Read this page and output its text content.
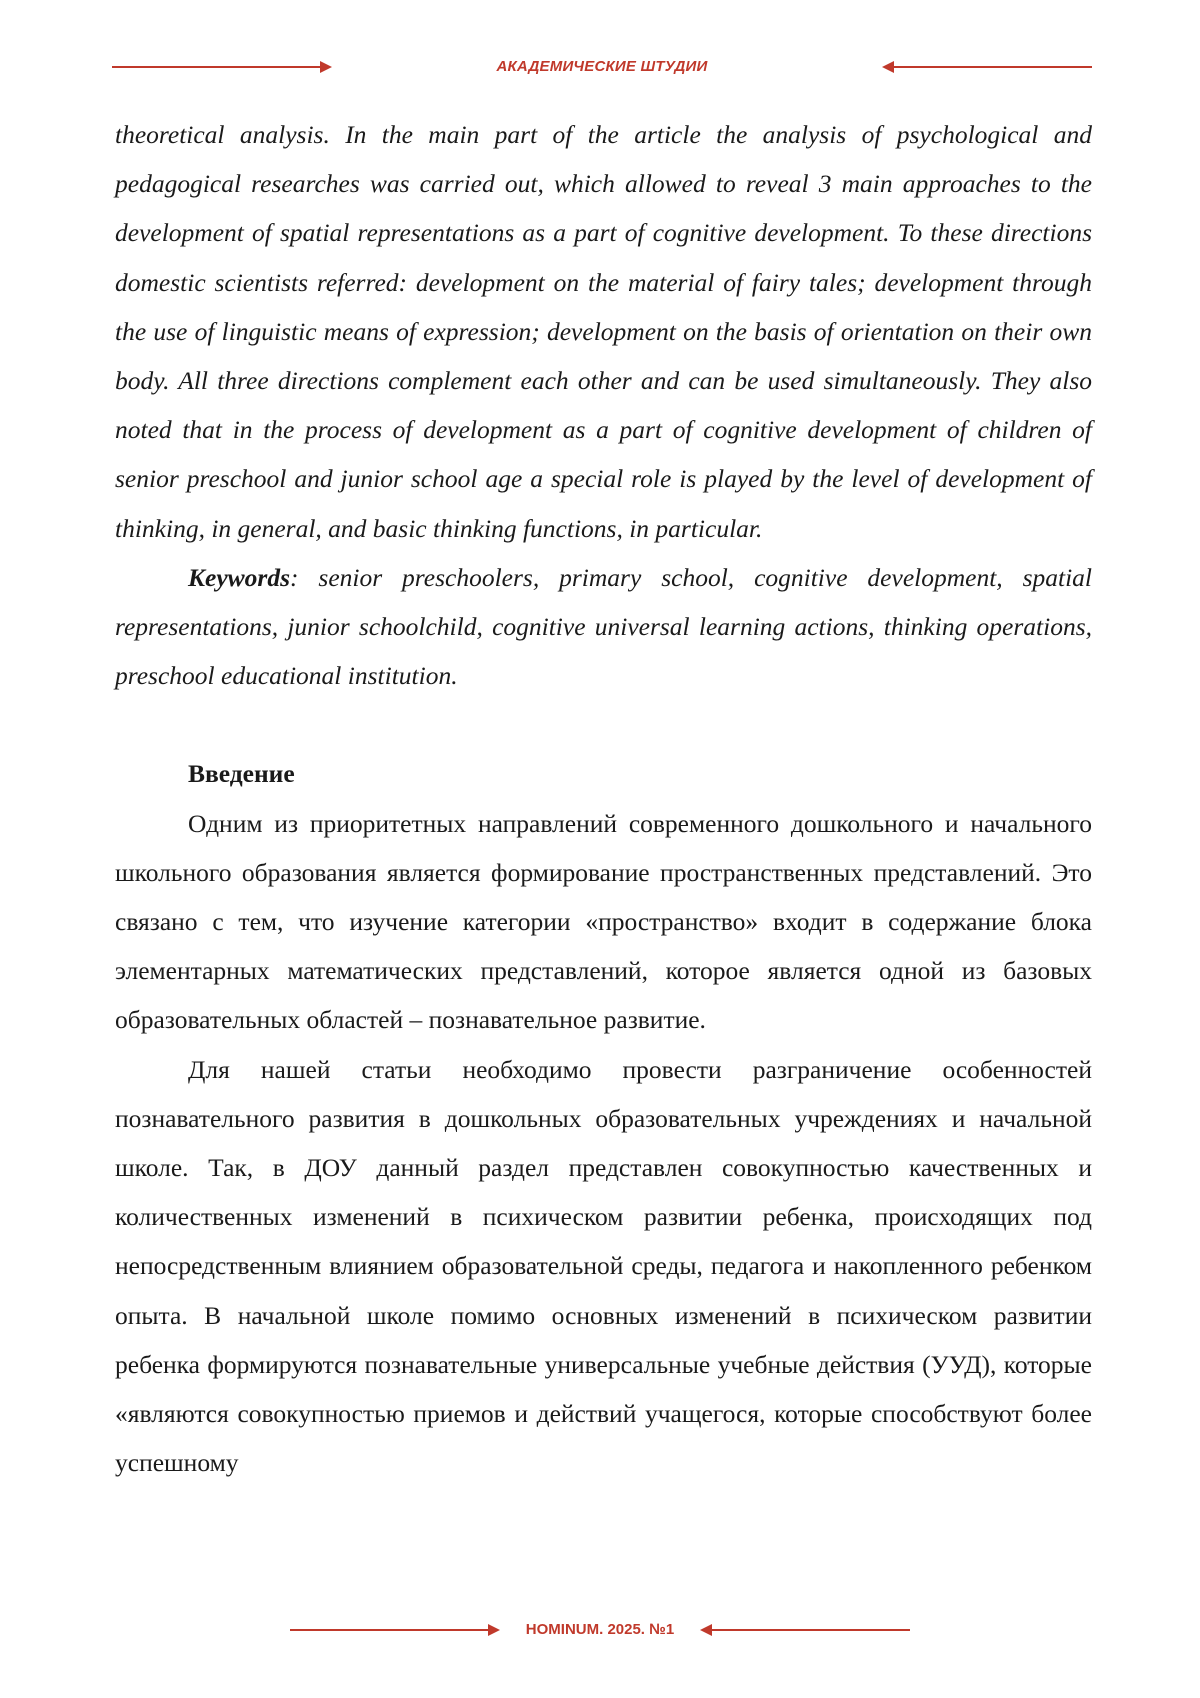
АКАДЕМИЧЕСКИЕ ШТУДИИ

theoretical analysis. In the main part of the article the analysis of psychological and pedagogical researches was carried out, which allowed to reveal 3 main approaches to the development of spatial representations as a part of cognitive development. To these directions domestic scientists referred: development on the material of fairy tales; development through the use of linguistic means of expression; development on the basis of orientation on their own body. All three directions complement each other and can be used simultaneously. They also noted that in the process of development as a part of cognitive development of children of senior preschool and junior school age a special role is played by the level of development of thinking, in general, and basic thinking functions, in particular.

Keywords: senior preschoolers, primary school, cognitive development, spatial representations, junior schoolchild, cognitive universal learning actions, thinking operations, preschool educational institution.

Введение

Одним из приоритетных направлений современного дошкольного и начального школьного образования является формирование пространственных представлений. Это связано с тем, что изучение категории «пространство» входит в содержание блока элементарных математических представлений, которое является одной из базовых образовательных областей – познавательное развитие.

Для нашей статьи необходимо провести разграничение особенностей познавательного развития в дошкольных образовательных учреждениях и начальной школе. Так, в ДОУ данный раздел представлен совокупностью качественных и количественных изменений в психическом развитии ребенка, происходящих под непосредственным влиянием образовательной среды, педагога и накопленного ребенком опыта. В начальной школе помимо основных изменений в психическом развитии ребенка формируются познавательные универсальные учебные действия (УУД), которые «являются совокупностью приемов и действий учащегося, которые способствуют более успешному

HOMINUM. 2025. №1
